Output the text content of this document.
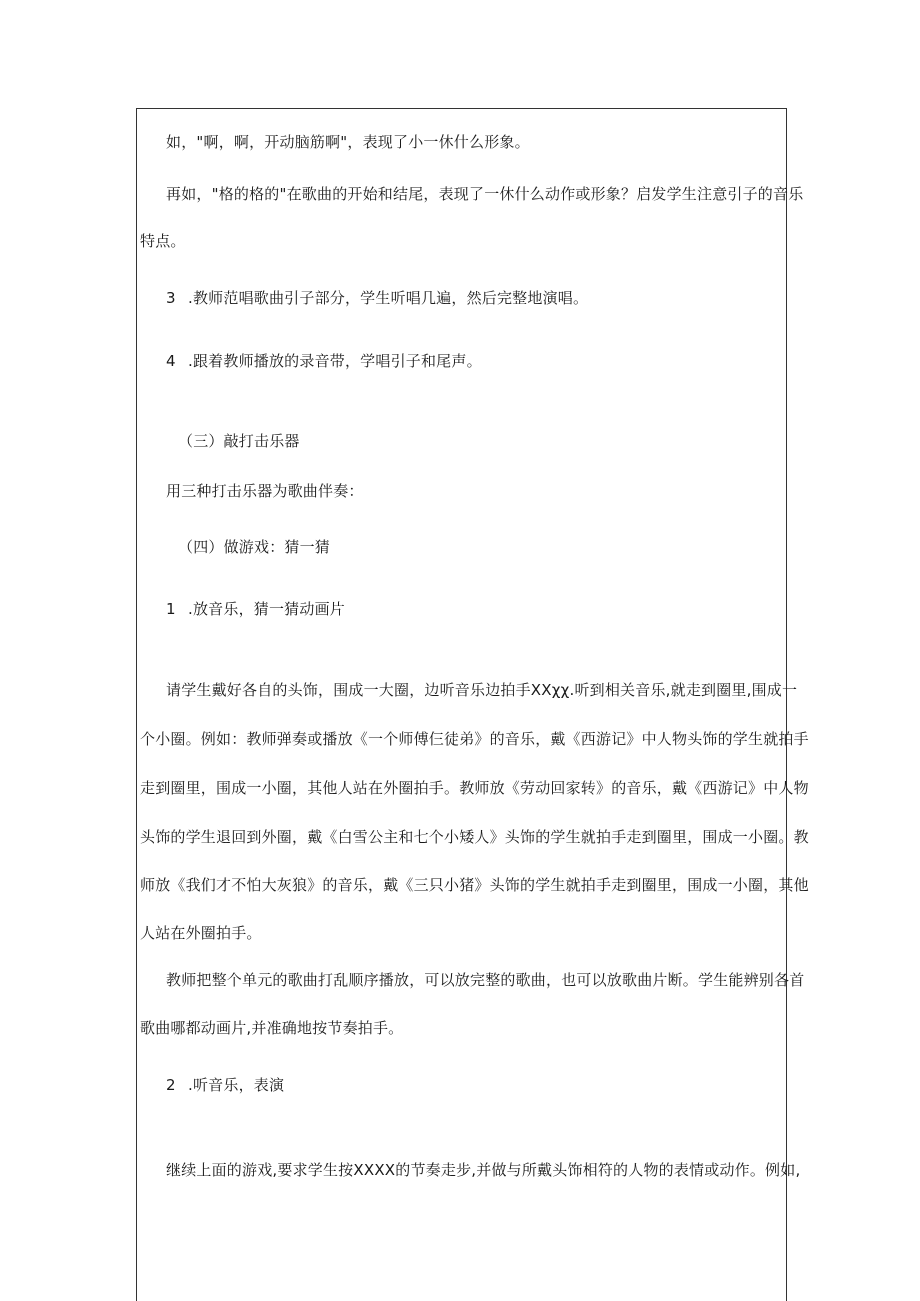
如，"啊，啊，开动脑筋啊"，表现了小一休什么形象。
再如，"格的格的"在歌曲的开始和结尾，表现了一休什么动作或形象？启发学生注意引子的音乐
特点。
3 .教师范唱歌曲引子部分，学生听唱几遍，然后完整地演唱。
4 .跟着教师播放的录音带，学唱引子和尾声。
（三）敲打击乐器
用三种打击乐器为歌曲伴奏：
（四）做游戏：猜一猜
1 .放音乐，猜一猜动画片
请学生戴好各自的头饰，围成一大圈，边听音乐边拍手XXχχ.听到相关音乐,就走到圈里,围成一
个小圈。例如：教师弹奏或播放《一个师傅仨徒弟》的音乐，戴《西游记》中人物头饰的学生就拍手
走到圈里，围成一小圈，其他人站在外圈拍手。教师放《劳动回家转》的音乐，戴《西游记》中人物
头饰的学生退回到外圈，戴《白雪公主和七个小矮人》头饰的学生就拍手走到圈里，围成一小圈。教
师放《我们才不怕大灰狼》的音乐，戴《三只小猪》头饰的学生就拍手走到圈里，围成一小圈，其他
人站在外圈拍手。
教师把整个单元的歌曲打乱顺序播放，可以放完整的歌曲，也可以放歌曲片断。学生能辨别各首
歌曲哪都动画片,并准确地按节奏拍手。
2 .听音乐，表演
继续上面的游戏,要求学生按XXXX的节奏走步,并做与所戴头饰相符的人物的表情或动作。例如,
